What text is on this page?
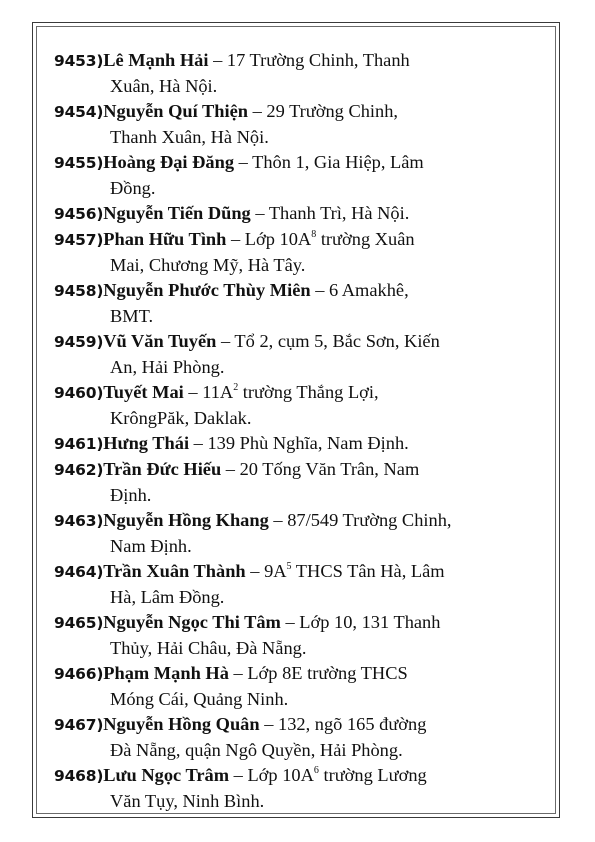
9453)Lê Mạnh Hải – 17 Trường Chinh, Thanh
Xuân, Hà Nội.

9454)Nguyễn Quí Thiện – 29 Trường Chinh,
Thanh Xuân, Hà Nội.

9455)Hoàng Đại Đăng – Thôn 1, Gia Hiệp, Lâm
Đồng.

9456)Nguyễn Tiến Dũng – Thanh Trì, Hà Nội.

9457)Phan Hữu Tình – Lớp $10A^8$ trường Xuân
Mai, Chương Mỹ, Hà Tây.

9458)Nguyễn Phước Thùy Miên – 6 Amakhê,
BMT.

9459)Vũ Văn Tuyến – Tổ 2, cụm 5, Bắc Sơn, Kiến
An, Hải Phòng.

9460)Tuyết Mai – $11A^2$ trường Thắng Lợi,
KrôngPăk, Daklak.

9461)Hưng Thái – 139 Phù Nghĩa, Nam Định.

9462)Trần Đức Hiếu – 20 Tống Văn Trân, Nam
Định.

9463)Nguyễn Hồng Khang – 87/549 Trường Chinh,
Nam Định.

9464)Trần Xuân Thành – $9A^5$ THCS Tân Hà, Lâm
Hà, Lâm Đồng.

9465)Nguyễn Ngọc Thi Tâm – Lớp 10, 131 Thanh
Thủy, Hải Châu, Đà Nẵng.

9466)Phạm Mạnh Hà – Lớp 8E trường THCS
Móng Cái, Quảng Ninh.

9467)Nguyễn Hồng Quân – 132, ngõ 165 đường
Đà Nẵng, quận Ngô Quyền, Hải Phòng.

9468)Lưu Ngọc Trâm – Lớp $10A^6$ trường Lương
Văn Tụy, Ninh Bình.
